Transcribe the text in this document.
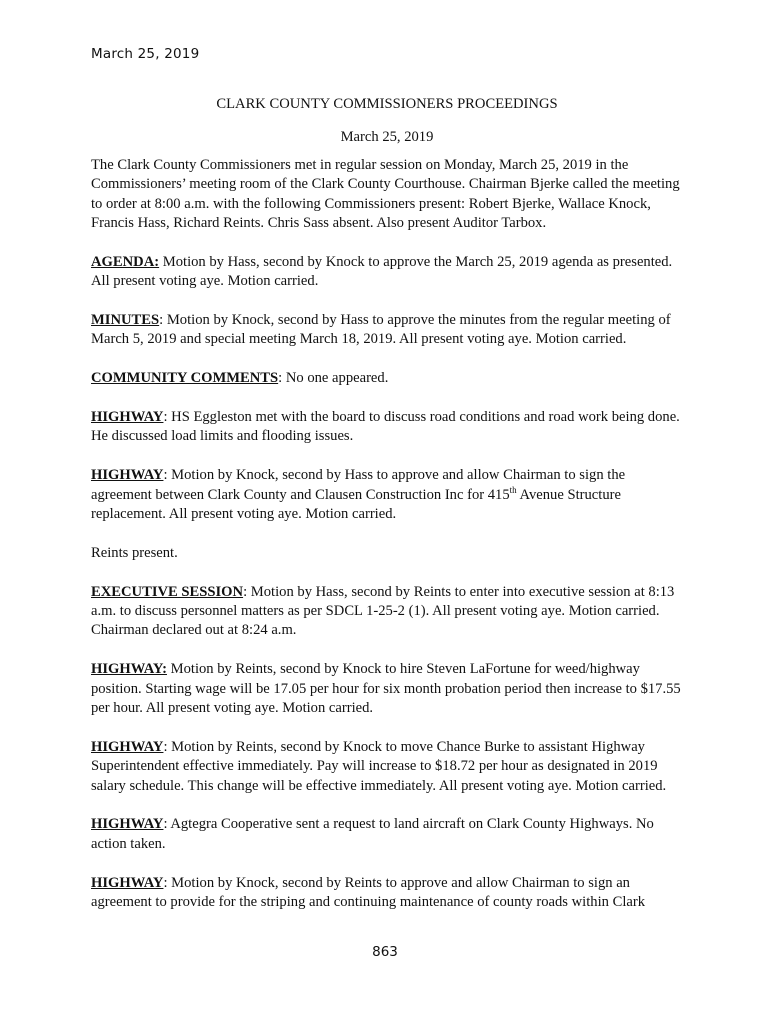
March 25, 2019

CLARK COUNTY COMMISSIONERS PROCEEDINGS

March 25, 2019

The Clark County Commissioners met in regular session on Monday, March 25, 2019 in the Commissioners’ meeting room of the Clark County Courthouse. Chairman Bjerke called the meeting to order at 8:00 a.m. with the following Commissioners present: Robert Bjerke, Wallace Knock, Francis Hass, Richard Reints. Chris Sass absent. Also present Auditor Tarbox.

AGENDA: Motion by Hass, second by Knock to approve the March 25, 2019 agenda as presented. All present voting aye. Motion carried.

MINUTES: Motion by Knock, second by Hass to approve the minutes from the regular meeting of March 5, 2019 and special meeting March 18, 2019. All present voting aye. Motion carried.

COMMUNITY COMMENTS: No one appeared.

HIGHWAY: HS Eggleston met with the board to discuss road conditions and road work being done. He discussed load limits and flooding issues.

HIGHWAY: Motion by Knock, second by Hass to approve and allow Chairman to sign the agreement between Clark County and Clausen Construction Inc for 415th Avenue Structure replacement. All present voting aye. Motion carried.

Reints present.

EXECUTIVE SESSION: Motion by Hass, second by Reints to enter into executive session at 8:13 a.m. to discuss personnel matters as per SDCL 1-25-2 (1). All present voting aye. Motion carried. Chairman declared out at 8:24 a.m.

HIGHWAY: Motion by Reints, second by Knock to hire Steven LaFortune for weed/highway position. Starting wage will be 17.05 per hour for six month probation period then increase to $17.55 per hour. All present voting aye. Motion carried.

HIGHWAY: Motion by Reints, second by Knock to move Chance Burke to assistant Highway Superintendent effective immediately. Pay will increase to $18.72 per hour as designated in 2019 salary schedule. This change will be effective immediately. All present voting aye. Motion carried.

HIGHWAY: Agtegra Cooperative sent a request to land aircraft on Clark County Highways. No action taken.

HIGHWAY: Motion by Knock, second by Reints to approve and allow Chairman to sign an agreement to provide for the striping and continuing maintenance of county roads within Clark

863
